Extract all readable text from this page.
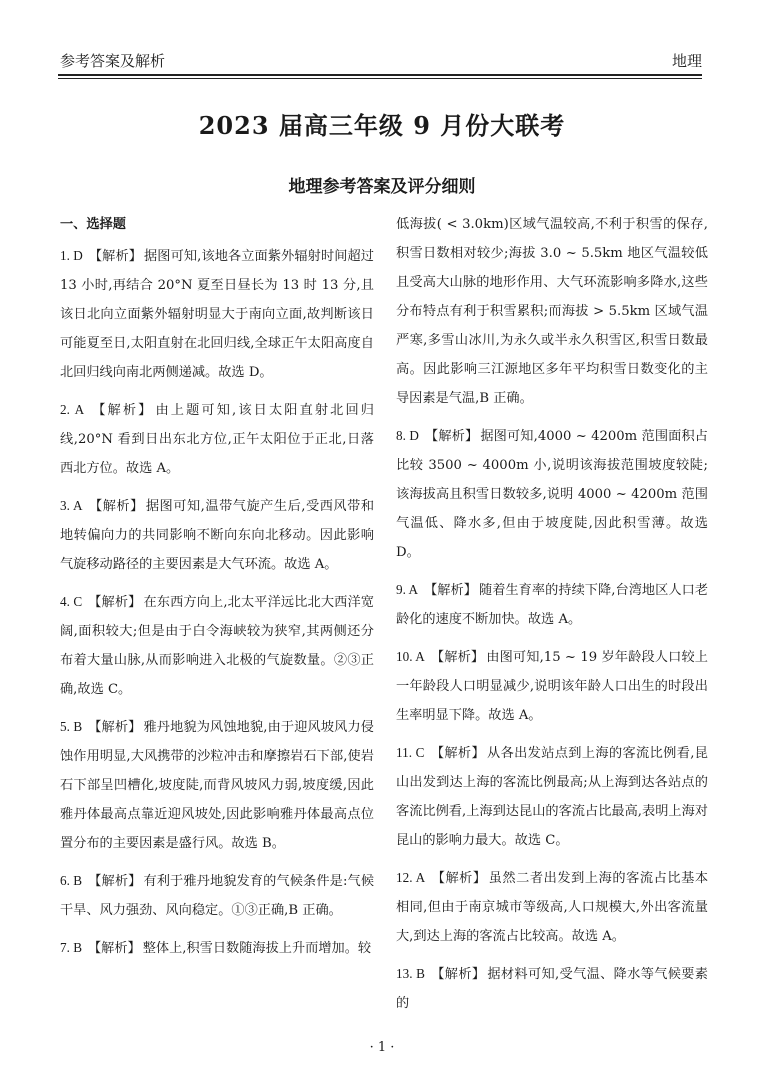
参考答案及解析	地理
2023 届高三年级 9 月份大联考
地理参考答案及评分细则
一、选择题
1. D 【解析】 据图可知,该地各立面紫外辐射时间超过 13 小时,再结合 20°N 夏至日昼长为 13 时 13 分,且该日北向立面紫外辐射明显大于南向立面,故判断该日可能夏至日,太阳直射在北回归线,全球正午太阳高度自北回归线向南北两侧递减。故选 D。
2. A 【解析】 由上题可知,该日太阳直射北回归线,20°N 看到日出东北方位,正午太阳位于正北,日落西北方位。故选 A。
3. A 【解析】 据图可知,温带气旋产生后,受西风带和地转偏向力的共同影响不断向东向北移动。因此影响气旋移动路径的主要因素是大气环流。故选 A。
4. C 【解析】 在东西方向上,北太平洋远比北大西洋宽阔,面积较大;但是由于白令海峡较为狭窄,其两侧还分布着大量山脉,从而影响进入北极的气旋数量。②③正确,故选 C。
5. B 【解析】 雅丹地貌为风蚀地貌,由于迎风坡风力侵蚀作用明显,大风携带的沙粒冲击和摩擦岩石下部,使岩石下部呈凹槽化,坡度陡,而背风坡风力弱,坡度缓,因此雅丹体最高点靠近迎风坡处,因此影响雅丹体最高点位置分布的主要因素是盛行风。故选 B。
6. B 【解析】 有利于雅丹地貌发育的气候条件是:气候干旱、风力强劲、风向稳定。①③正确,B 正确。
7. B 【解析】 整体上,积雪日数随海拔上升而增加。较
低海拔( < 3.0km)区域气温较高,不利于积雪的保存,积雪日数相对较少;海拔 3.0 ~ 5.5km 地区气温较低且受高大山脉的地形作用、大气环流影响多降水,这些分布特点有利于积雪累积;而海拔 > 5.5km 区域气温严寒,多雪山冰川,为永久或半永久积雪区,积雪日数最高。因此影响三江源地区多年平均积雪日数变化的主导因素是气温,B 正确。
8. D 【解析】 据图可知,4000 ~ 4200m 范围面积占比较 3500 ~ 4000m 小,说明该海拔范围坡度较陡;该海拔高且积雪日数较多,说明 4000 ~ 4200m 范围气温低、降水多,但由于坡度陡,因此积雪薄。故选 D。
9. A 【解析】 随着生育率的持续下降,台湾地区人口老龄化的速度不断加快。故选 A。
10. A 【解析】 由图可知,15 ~ 19 岁年龄段人口较上一年龄段人口明显减少,说明该年龄人口出生的时段出生率明显下降。故选 A。
11. C 【解析】 从各出发站点到上海的客流比例看,昆山出发到达上海的客流比例最高;从上海到达各站点的客流比例看,上海到达昆山的客流占比最高,表明上海对昆山的影响力最大。故选 C。
12. A 【解析】 虽然二者出发到上海的客流占比基本相同,但由于南京城市等级高,人口规模大,外出客流量大,到达上海的客流占比较高。故选 A。
13. B 【解析】 据材料可知,受气温、降水等气候要素的
· 1 ·
